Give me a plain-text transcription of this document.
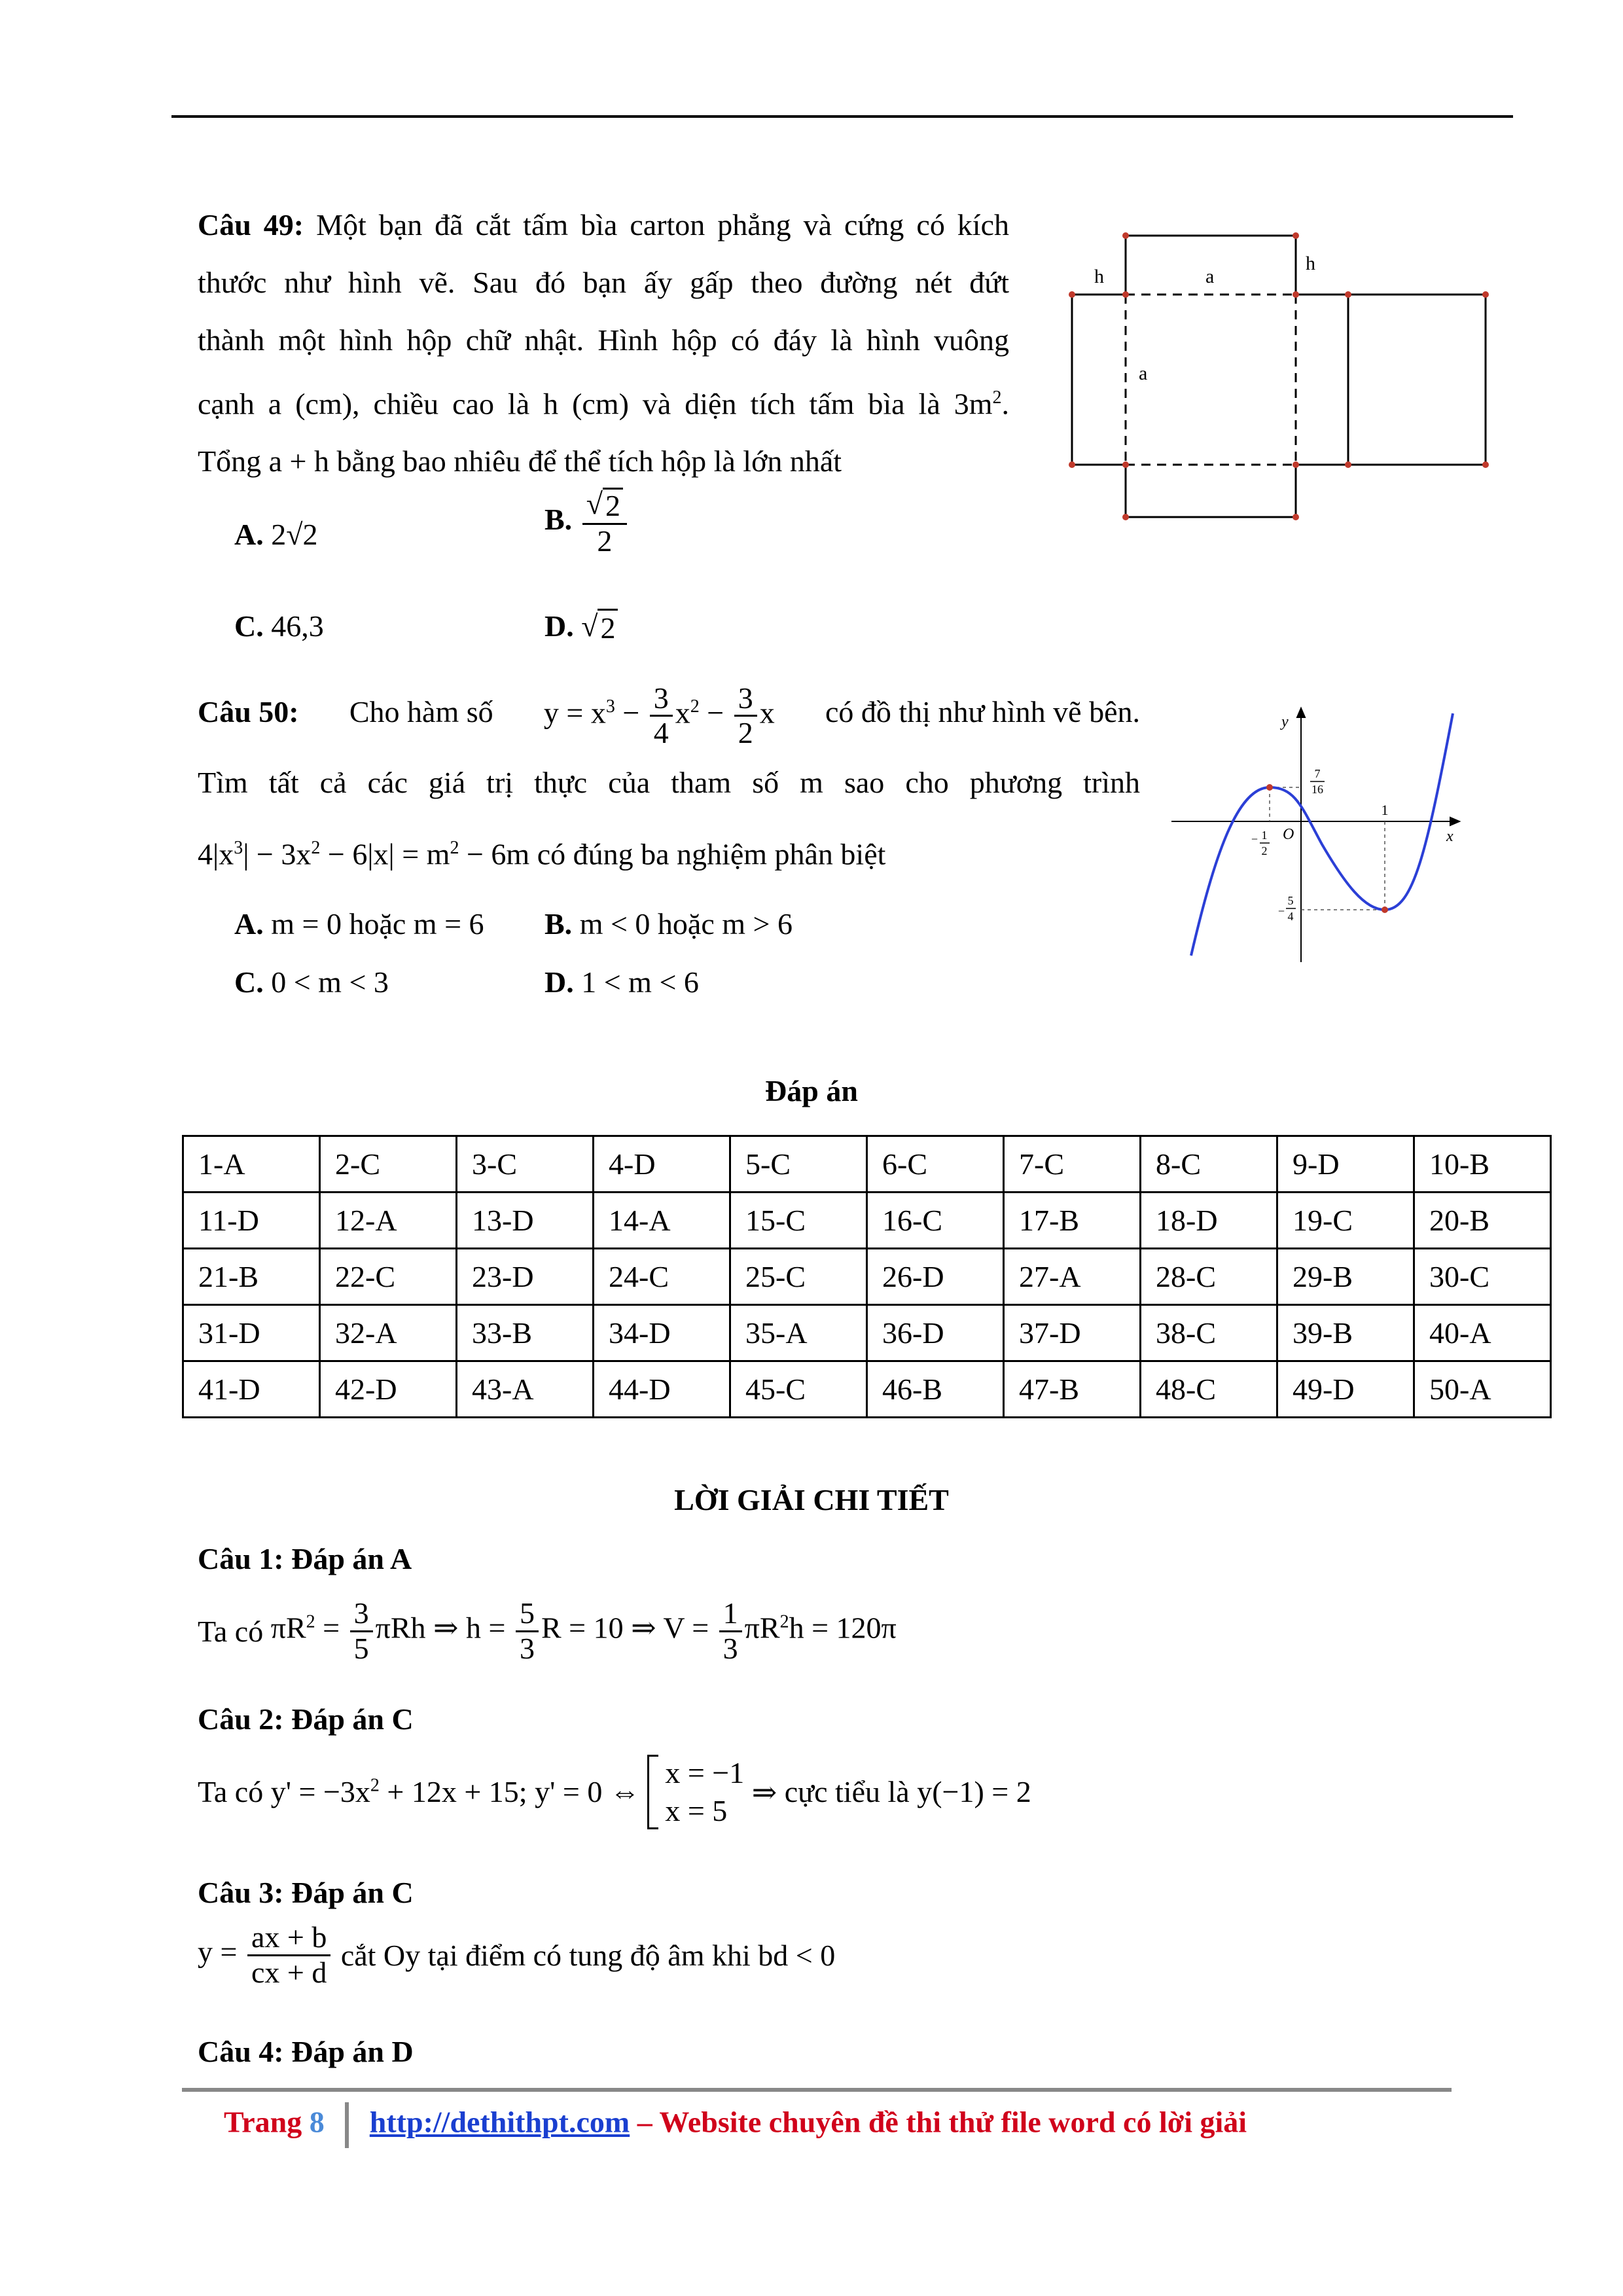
Câu 49: Một bạn đã cắt tấm bìa carton phẳng và cứng có kích
thước như hình vẽ. Sau đó bạn ấy gấp theo đường nét đứt
thành một hình hộp chữ nhật. Hình hộp có đáy là hình vuông
cạnh a (cm), chiều cao là h (cm) và diện tích tấm bìa là $3m^2$.
Tổng a + h bằng bao nhiêu để thể tích hộp là lớn nhất
A. 2√2	B. $\frac{√ 2}{2}$
C. 46,3	D. √ 2
h	a
h
a
Câu 50: Cho hàm số $y = x^3 - \frac{3}{4} x^2 - \frac{3}{2}$ x có đồ thị như hình vẽ bên.
Tìm tất cả các giá trị thực của tham số m sao cho phương trình
$4|x^3| - 3x^2 - 6|x| = m^2 - 6m$ có đúng ba nghiệm phân biệt
A. m = 0 hoặc m = 6 B. m < 0 hoặc m > 6
C. 0 < m < 3	D. 1 < m < 6
y
x
O
7
16
1
− 1
2
−
5
4
Đáp án
1-A	2-C	3-C	4-D	5-C	6-C	7-C	8-C	9-D	10-B
11-D	12-A	13-D	14-A	15-C	16-C	17-B	18-D	19-C	20-B
21-B	22-C	23-D	24-C	25-C	26-D	27-A	28-C	29-B	30-C
31-D	32-A	33-B	34-D	35-A	36-D	37-D	38-C	39-B	40-A
41-D	42-D	43-A	44-D	45-C	46-B	47-B	48-C	49-D	50-A
LỜI GIẢI CHI TIẾT
Câu 1: Đáp án A
Ta có
$\pi R^2 = \frac{3}{5}$ πRh ⇒ $h = \frac{5}{3}$ R = 10 ⇒ $V = \frac{1}{3} \pi R^2h = 120\pi$
Câu 2: Đáp án C
Ta có
$y' = -3x^2 + 12x + 15$; y' = 0 ⇔
x = −1
x = 5
⇒ cực tiểu là y(−1) = 2
Câu 3: Đáp án C
$y = \frac{ax + b}{cx + d}$
cắt Oy tại điểm có tung độ âm khi bd < 0
Câu 4: Đáp án D
Trang 8 http://dethithpt.com – Website chuyên đề thi thử file word có lời giải
